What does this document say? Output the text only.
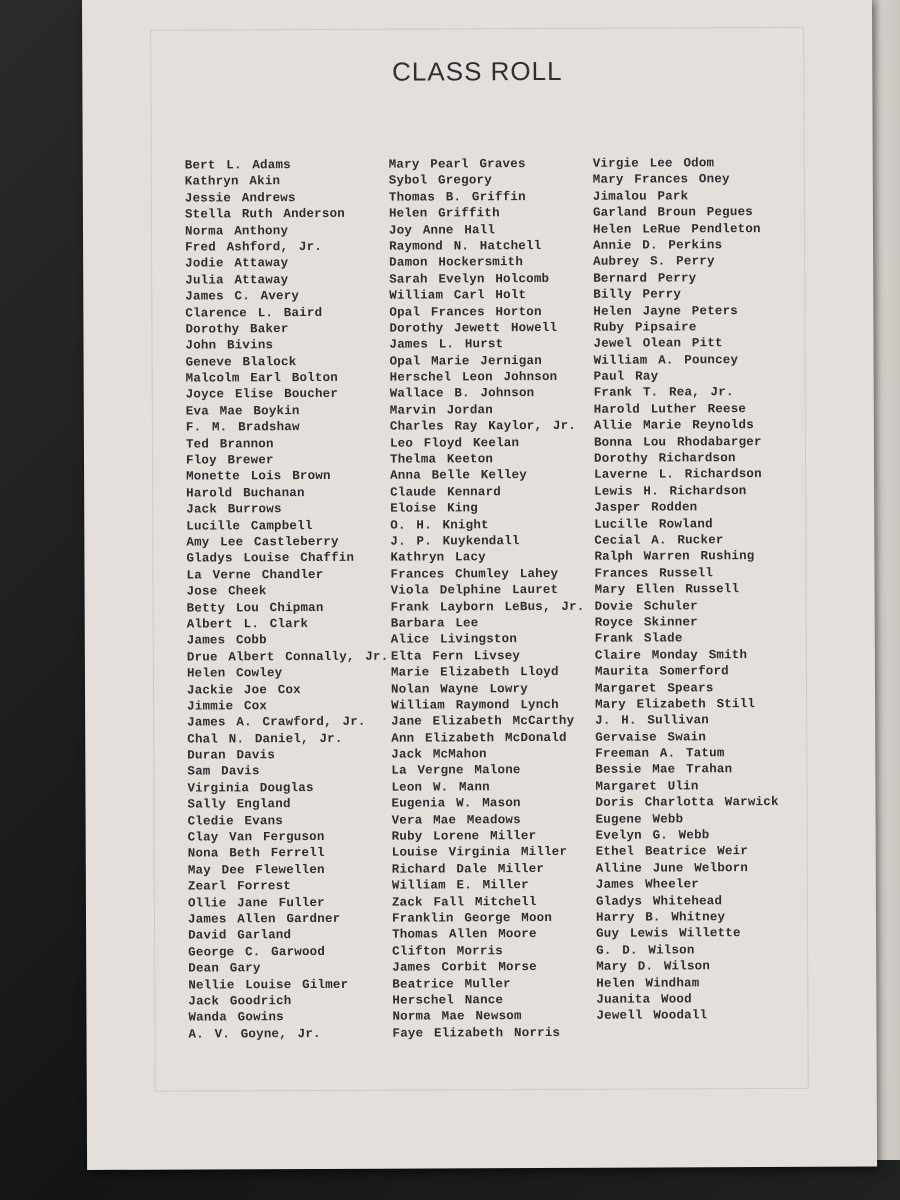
CLASS ROLL
Bert L. Adams
Kathryn Akin
Jessie Andrews
Stella Ruth Anderson
Norma Anthony
Fred Ashford, Jr.
Jodie Attaway
Julia Attaway
James C. Avery
Clarence L. Baird
Dorothy Baker
John Bivins
Geneve Blalock
Malcolm Earl Bolton
Joyce Elise Boucher
Eva Mae Boykin
F. M. Bradshaw
Ted Brannon
Floy Brewer
Monette Lois Brown
Harold Buchanan
Jack Burrows
Lucille Campbell
Amy Lee Castleberry
Gladys Louise Chaffin
La Verne Chandler
Jose Cheek
Betty Lou Chipman
Albert L. Clark
James Cobb
Drue Albert Connally, Jr.
Helen Cowley
Jackie Joe Cox
Jimmie Cox
James A. Crawford, Jr.
Chal N. Daniel, Jr.
Duran Davis
Sam Davis
Virginia Douglas
Sally England
Cledie Evans
Clay Van Ferguson
Nona Beth Ferrell
May Dee Flewellen
Zearl Forrest
Ollie Jane Fuller
James Allen Gardner
David Garland
George C. Garwood
Dean Gary
Nellie Louise Gilmer
Jack Goodrich
Wanda Gowins
A. V. Goyne, Jr.
Mary Pearl Graves
Sybol Gregory
Thomas B. Griffin
Helen Griffith
Joy Anne Hall
Raymond N. Hatchell
Damon Hockersmith
Sarah Evelyn Holcomb
William Carl Holt
Opal Frances Horton
Dorothy Jewett Howell
James L. Hurst
Opal Marie Jernigan
Herschel Leon Johnson
Wallace B. Johnson
Marvin Jordan
Charles Ray Kaylor, Jr.
Leo Floyd Keelan
Thelma Keeton
Anna Belle Kelley
Claude Kennard
Eloise King
O. H. Knight
J. P. Kuykendall
Kathryn Lacy
Frances Chumley Lahey
Viola Delphine Lauret
Frank Layborn LeBus, Jr.
Barbara Lee
Alice Livingston
Elta Fern Livsey
Marie Elizabeth Lloyd
Nolan Wayne Lowry
William Raymond Lynch
Jane Elizabeth McCarthy
Ann Elizabeth McDonald
Jack McMahon
La Vergne Malone
Leon W. Mann
Eugenia W. Mason
Vera Mae Meadows
Ruby Lorene Miller
Louise Virginia Miller
Richard Dale Miller
William E. Miller
Zack Fall Mitchell
Franklin George Moon
Thomas Allen Moore
Clifton Morris
James Corbit Morse
Beatrice Muller
Herschel Nance
Norma Mae Newsom
Faye Elizabeth Norris
Virgie Lee Odom
Mary Frances Oney
Jimalou Park
Garland Broun Pegues
Helen LeRue Pendleton
Annie D. Perkins
Aubrey S. Perry
Bernard Perry
Billy Perry
Helen Jayne Peters
Ruby Pipsaire
Jewel Olean Pitt
William A. Pouncey
Paul Ray
Frank T. Rea, Jr.
Harold Luther Reese
Allie Marie Reynolds
Bonna Lou Rhodabarger
Dorothy Richardson
Laverne L. Richardson
Lewis H. Richardson
Jasper Rodden
Lucille Rowland
Cecial A. Rucker
Ralph Warren Rushing
Frances Russell
Mary Ellen Russell
Dovie Schuler
Royce Skinner
Frank Slade
Claire Monday Smith
Maurita Somerford
Margaret Spears
Mary Elizabeth Still
J. H. Sullivan
Gervaise Swain
Freeman A. Tatum
Bessie Mae Trahan
Margaret Ulin
Doris Charlotta Warwick
Eugene Webb
Evelyn G. Webb
Ethel Beatrice Weir
Alline June Welborn
James Wheeler
Gladys Whitehead
Harry B. Whitney
Guy Lewis Willette
G. D. Wilson
Mary D. Wilson
Helen Windham
Juanita Wood
Jewell Woodall
